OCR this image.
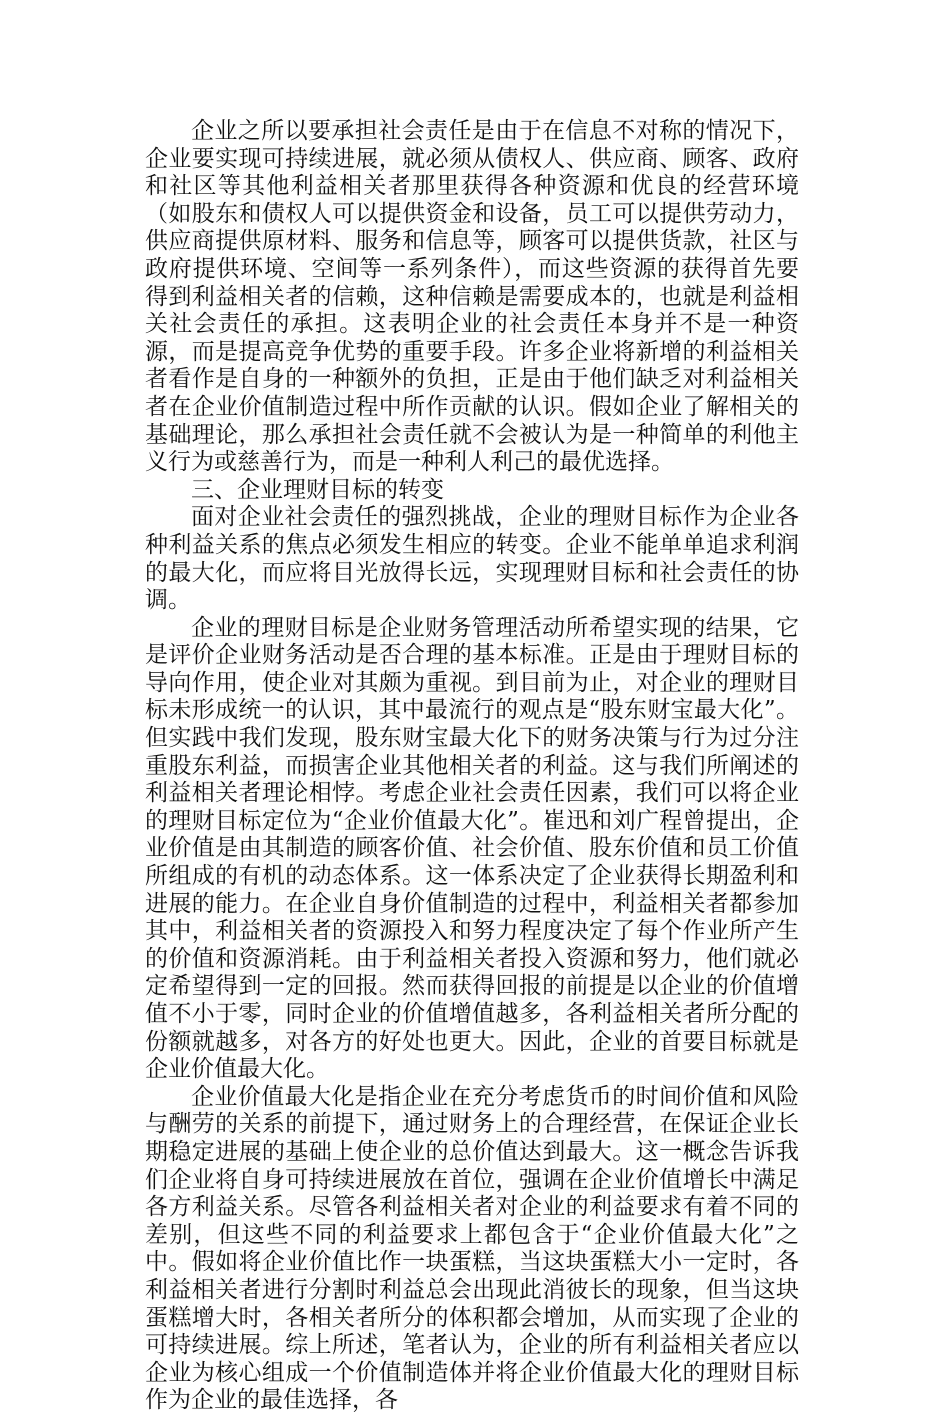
企业之所以要承担社会责任是由于在信息不对称的情况下，企业要实现可持续进展，就必须从债权人、供应商、顾客、政府和社区等其他利益相关者那里获得各种资源和优良的经营环境（如股东和债权人可以提供资金和设备，员工可以提供劳动力，供应商提供原材料、服务和信息等，顾客可以提供货款，社区与政府提供环境、空间等一系列条件），而这些资源的获得首先要得到利益相关者的信赖，这种信赖是需要成本的，也就是利益相关社会责任的承担。这表明企业的社会责任本身并不是一种资源，而是提高竞争优势的重要手段。许多企业将新增的利益相关者看作是自身的一种额外的负担，正是由于他们缺乏对利益相关者在企业价值制造过程中所作贡献的认识。假如企业了解相关的基础理论，那么承担社会责任就不会被认为是一种简单的利他主义行为或慈善行为，而是一种利人利己的最优选择。

三、企业理财目标的转变

面对企业社会责任的强烈挑战，企业的理财目标作为企业各种利益关系的焦点必须发生相应的转变。企业不能单单追求利润的最大化，而应将目光放得长远，实现理财目标和社会责任的协调。

企业的理财目标是企业财务管理活动所希望实现的结果，它是评价企业财务活动是否合理的基本标准。正是由于理财目标的导向作用，使企业对其颇为重视。到目前为止，对企业的理财目标未形成统一的认识，其中最流行的观点是“股东财宝最大化”。但实践中我们发现，股东财宝最大化下的财务决策与行为过分注重股东利益，而损害企业其他相关者的利益。这与我们所阐述的利益相关者理论相悖。考虑企业社会责任因素，我们可以将企业的理财目标定位为“企业价值最大化”。崔迅和刘广程曾提出，企业价值是由其制造的顾客价值、社会价值、股东价值和员工价值所组成的有机的动态体系。这一体系决定了企业获得长期盈利和进展的能力。在企业自身价值制造的过程中，利益相关者都参加其中，利益相关者的资源投入和努力程度决定了每个作业所产生的价值和资源消耗。由于利益相关者投入资源和努力，他们就必定希望得到一定的回报。然而获得回报的前提是以企业的价值增值不小于零，同时企业的价值增值越多，各利益相关者所分配的份额就越多，对各方的好处也更大。因此，企业的首要目标就是企业价值最大化。

企业价值最大化是指企业在充分考虑货币的时间价值和风险与酬劳的关系的前提下，通过财务上的合理经营，在保证企业长期稳定进展的基础上使企业的总价值达到最大。这一概念告诉我们企业将自身可持续进展放在首位，强调在企业价值增长中满足各方利益关系。尽管各利益相关者对企业的利益要求有着不同的差别，但这些不同的利益要求上都包含于“企业价值最大化”之中。假如将企业价值比作一块蛋糕，当这块蛋糕大小一定时，各利益相关者进行分割时利益总会出现此消彼长的现象，但当这块蛋糕增大时，各相关者所分的体积都会增加，从而实现了企业的可持续进展。综上所述，笔者认为，企业的所有利益相关者应以企业为核心组成一个价值制造体并将企业价值最大化的理财目标作为企业的最佳选择，各
